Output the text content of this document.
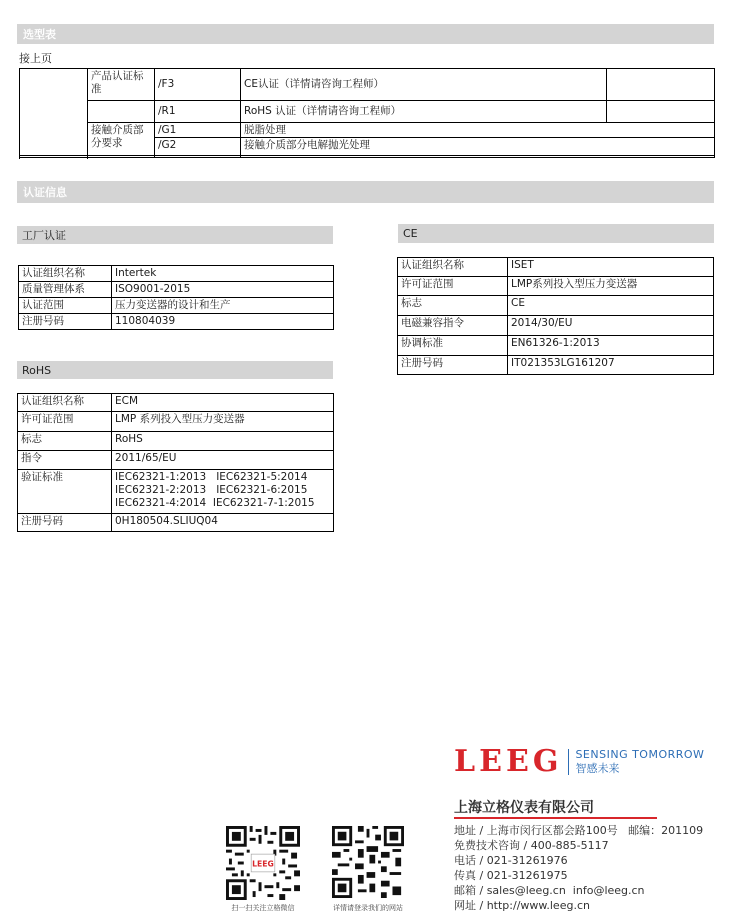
选型表
接上页
	产品认证标准	/F3	CE认证（详情请咨询工程师）		
		/R1	RoHS 认证（详情请咨询工程师）		
	接触介质部分要求	/G1	脱脂处理		

		/G2	接触介质部分电解抛光处理
认证信息
工厂认证
认证组织名称	Intertek
质量管理体系	ISO9001-2015
认证范围	压力变送器的设计和生产
注册号码	110804039
RoHS
认证组织名称	ECM
许可证范围	LMP 系列投入型压力变送器
标志	RoHS
指令	2011/65/EU
验证标准	IEC62321-1:2013   IEC62321-5:2014
IEC62321-2:2013   IEC62321-6:2015
IEC62321-4:2014  IEC62321-7-1:2015

注册号码	0H180504.SLIUQ04
CE
认证组织名称	ISET
许可证范围	LMP系列投入型压力变送器
标志	CE
电磁兼容指令	2014/30/EU
协调标准	EN61326-1:2013
注册号码	IT021353LG161207
LEEG SENSING TOMORROW
智感未来
上海立格仪表有限公司
地址 / 上海市闵行区都会路100号   邮编：201109
免费技术咨询 / 400-885-5117
电话 / 021-31261976
传真 / 021-31261975
邮箱 / sales@leeg.cn  info@leeg.cn
网址 / http://www.leeg.cn
LEEG
扫一扫关注立格微信	详情请登录我们的网站
